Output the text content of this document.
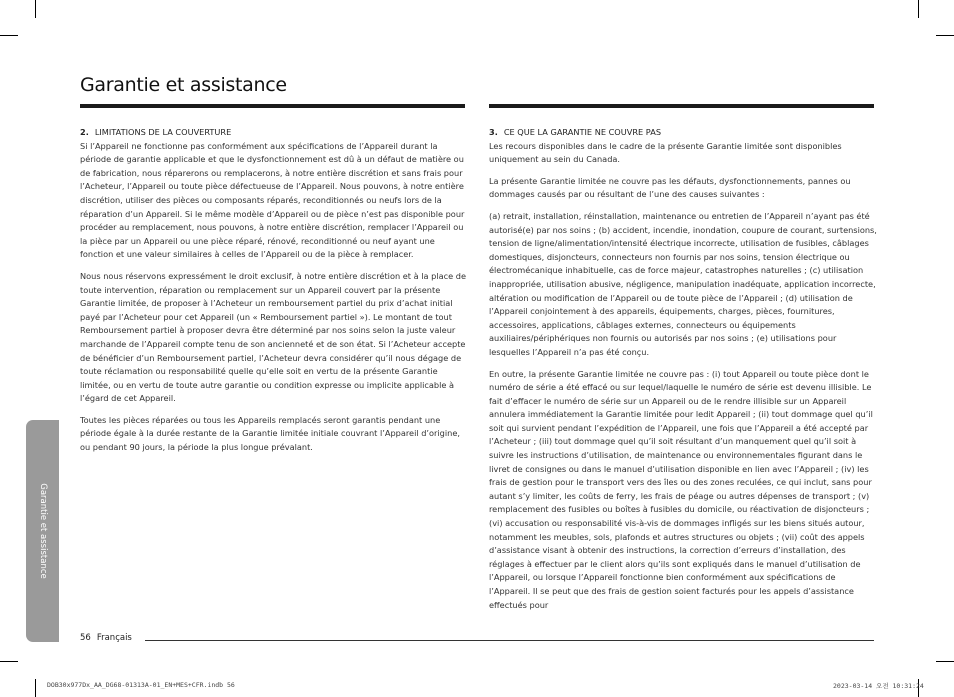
Garantie et assistance

2. LIMITATIONS DE LA COUVERTURE

Si l’Appareil ne fonctionne pas conformément aux spécifications de l’Appareil durant la période de garantie applicable et que le dysfonctionnement est dû à un défaut de matière ou de fabrication, nous réparerons ou remplacerons, à notre entière discrétion et sans frais pour l’Acheteur, l’Appareil ou toute pièce défectueuse de l’Appareil. Nous pouvons, à notre entière discrétion, utiliser des pièces ou composants réparés, reconditionnés ou neufs lors de la réparation d’un Appareil. Si le même modèle d’Appareil ou de pièce n’est pas disponible pour procéder au remplacement, nous pouvons, à notre entière discrétion, remplacer l’Appareil ou la pièce par un Appareil ou une pièce réparé, rénové, reconditionné ou neuf ayant une fonction et une valeur similaires à celles de l’Appareil ou de la pièce à remplacer.

Nous nous réservons expressément le droit exclusif, à notre entière discrétion et à la place de toute intervention, réparation ou remplacement sur un Appareil couvert par la présente Garantie limitée, de proposer à l’Acheteur un remboursement partiel du prix d’achat initial payé par l’Acheteur pour cet Appareil (un « Remboursement partiel »). Le montant de tout Remboursement partiel à proposer devra être déterminé par nos soins selon la juste valeur marchande de l’Appareil compte tenu de son ancienneté et de son état. Si l’Acheteur accepte de bénéficier d’un Remboursement partiel, l’Acheteur devra considérer qu’il nous dégage de toute réclamation ou responsabilité quelle qu’elle soit en vertu de la présente Garantie limitée, ou en vertu de toute autre garantie ou condition expresse ou implicite applicable à l’égard de cet Appareil.

Toutes les pièces réparées ou tous les Appareils remplacés seront garantis pendant une période égale à la durée restante de la Garantie limitée initiale couvrant l’Appareil d’origine, ou pendant 90 jours, la période la plus longue prévalant.

3. CE QUE LA GARANTIE NE COUVRE PAS

Les recours disponibles dans le cadre de la présente Garantie limitée sont disponibles uniquement au sein du Canada.

La présente Garantie limitée ne couvre pas les défauts, dysfonctionnements, pannes ou dommages causés par ou résultant de l’une des causes suivantes :

(a) retrait, installation, réinstallation, maintenance ou entretien de l’Appareil n’ayant pas été autorisé(e) par nos soins ; (b) accident, incendie, inondation, coupure de courant, surtensions, tension de ligne/alimentation/intensité électrique incorrecte, utilisation de fusibles, câblages domestiques, disjoncteurs, connecteurs non fournis par nos soins, tension électrique ou électromécanique inhabituelle, cas de force majeur, catastrophes naturelles ; (c) utilisation inappropriée, utilisation abusive, négligence, manipulation inadéquate, application incorrecte, altération ou modification de l’Appareil ou de toute pièce de l’Appareil ; (d) utilisation de l’Appareil conjointement à des appareils, équipements, charges, pièces, fournitures, accessoires, applications, câblages externes, connecteurs ou équipements auxiliaires/périphériques non fournis ou autorisés par nos soins ; (e) utilisations pour lesquelles l’Appareil n’a pas été conçu.

En outre, la présente Garantie limitée ne couvre pas : (i) tout Appareil ou toute pièce dont le numéro de série a été effacé ou sur lequel/laquelle le numéro de série est devenu illisible. Le fait d’effacer le numéro de série sur un Appareil ou de le rendre illisible sur un Appareil annulera immédiatement la Garantie limitée pour ledit Appareil ; (ii) tout dommage quel qu’il soit qui survient pendant l’expédition de l’Appareil, une fois que l’Appareil a été accepté par l’Acheteur ; (iii) tout dommage quel qu’il soit résultant d’un manquement quel qu’il soit à suivre les instructions d’utilisation, de maintenance ou environnementales figurant dans le livret de consignes ou dans le manuel d’utilisation disponible en lien avec l’Appareil ; (iv) les frais de gestion pour le transport vers des îles ou des zones reculées, ce qui inclut, sans pour autant s’y limiter, les coûts de ferry, les frais de péage ou autres dépenses de transport ; (v) remplacement des fusibles ou boîtes à fusibles du domicile, ou réactivation de disjoncteurs ; (vi) accusation ou responsabilité vis-à-vis de dommages infligés sur les biens situés autour, notamment les meubles, sols, plafonds et autres structures ou objets ; (vii) coût des appels d’assistance visant à obtenir des instructions, la correction d’erreurs d’installation, des réglages à effectuer par le client alors qu’ils sont expliqués dans le manuel d’utilisation de l’Appareil, ou lorsque l’Appareil fonctionne bien conformément aux spécifications de l’Appareil. Il se peut que des frais de gestion soient facturés pour les appels d’assistance effectués pour

Garantie et assistance
56 Français
DOB30x977Dx_AA_DG68-01313A-01_EN+MES+CFR.indb 56	2023-03-14 오전 10:31:24
